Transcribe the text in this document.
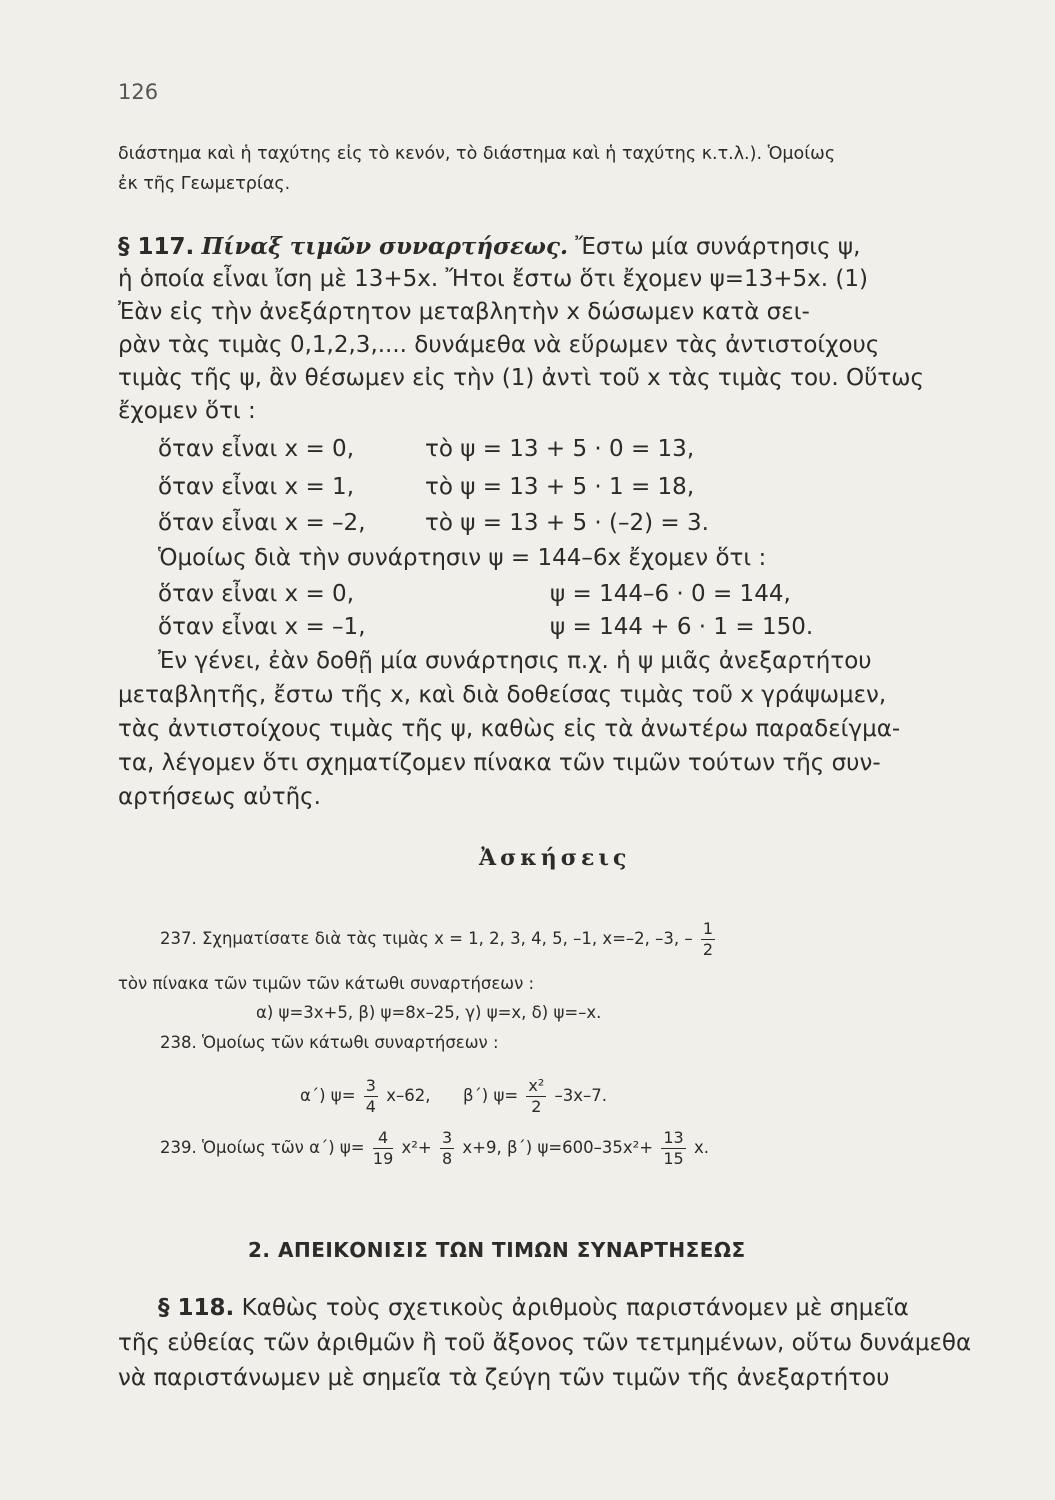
126
διάστημα καὶ ἡ ταχύτης εἰς τὸ κενόν, τὸ διάστημα καὶ ἡ ταχύτης κ.τ.λ.). Ὁμοίως
ἐκ τῆς Γεωμετρίας.
§ 117. Πίναξ τιμῶν συναρτήσεως. Ἔστω μία συνάρτησις ψ,
ἡ ὁποία εἶναι ἴση μὲ 13+5x. Ἤτοι ἔστω ὅτι ἔχομεν ψ=13+5x. (1)
Ἐὰν εἰς τὴν ἀνεξάρτητον μεταβλητὴν x δώσωμεν κατὰ σει-
ρὰν τὰς τιμὰς 0,1,2,3,.... δυνάμεθα νὰ εὕρωμεν τὰς ἀντιστοίχους
τιμὰς τῆς ψ, ἂν θέσωμεν εἰς τὴν (1) ἀντὶ τοῦ x τὰς τιμὰς του. Οὕτως
ἔχομεν ὅτι :
ὅταν εἶναι x = 0,	τὸ ψ = 13 + 5 · 0 = 13,
ὅταν εἶναι x = 1,	τὸ ψ = 13 + 5 · 1 = 18,
ὅταν εἶναι x = –2,	τὸ ψ = 13 + 5 · (–2) = 3.
Ὁμοίως διὰ τὴν συνάρτησιν ψ = 144–6x ἔχομεν ὅτι :
ὅταν εἶναι x = 0,	ψ = 144–6 · 0 = 144,
ὅταν εἶναι x = –1,	ψ = 144 + 6 · 1 = 150.
Ἐν γένει, ἐὰν δοθῇ μία συνάρτησις π.χ. ἡ ψ μιᾶς ἀνεξαρτήτου
μεταβλητῆς, ἔστω τῆς x, καὶ διὰ δοθείσας τιμὰς τοῦ x γράψωμεν,
τὰς ἀντιστοίχους τιμὰς τῆς ψ, καθὼς εἰς τὰ ἀνωτέρω παραδείγμα-
τα, λέγομεν ὅτι σχηματίζομεν πίνακα τῶν τιμῶν τούτων τῆς συν-
αρτήσεως αὐτῆς.
Ἀσκήσεις
237. Σχηματίσατε διὰ τὰς τιμὰς x = 1, 2, 3, 4, 5, –1, x=–2, –3, – $\frac{1}{2}$
τὸν πίνακα τῶν τιμῶν τῶν κάτωθι συναρτήσεων :
α) ψ=3x+5, β) ψ=8x–25, γ) ψ=x, δ) ψ=–x.
238. Ὁμοίως τῶν κάτωθι συναρτήσεων :
α΄) $\psi= \frac{3}{4} x-62$, β΄) $\psi= \frac{\text{x²}}{2} -3x-7$.
239. Ὁμοίως τῶν α΄) $\psi= \frac{4}{19} x^2+ \frac{3}{8} x+9$, β΄) $\psi=600-35x^2+ \frac{13}{15} x$.
2. ΑΠΕΙΚΟΝΙΣΙΣ ΤΩΝ ΤΙΜΩΝ ΣΥΝΑΡΤΗΣΕΩΣ
§ 118. Καθὼς τοὺς σχετικοὺς ἀριθμοὺς παριστάνομεν μὲ σημεῖα
τῆς εὐθείας τῶν ἀριθμῶν ἢ τοῦ ἄξονος τῶν τετμημένων, οὕτω δυνάμεθα
νὰ παριστάνωμεν μὲ σημεῖα τὰ ζεύγη τῶν τιμῶν τῆς ἀνεξαρτήτου
